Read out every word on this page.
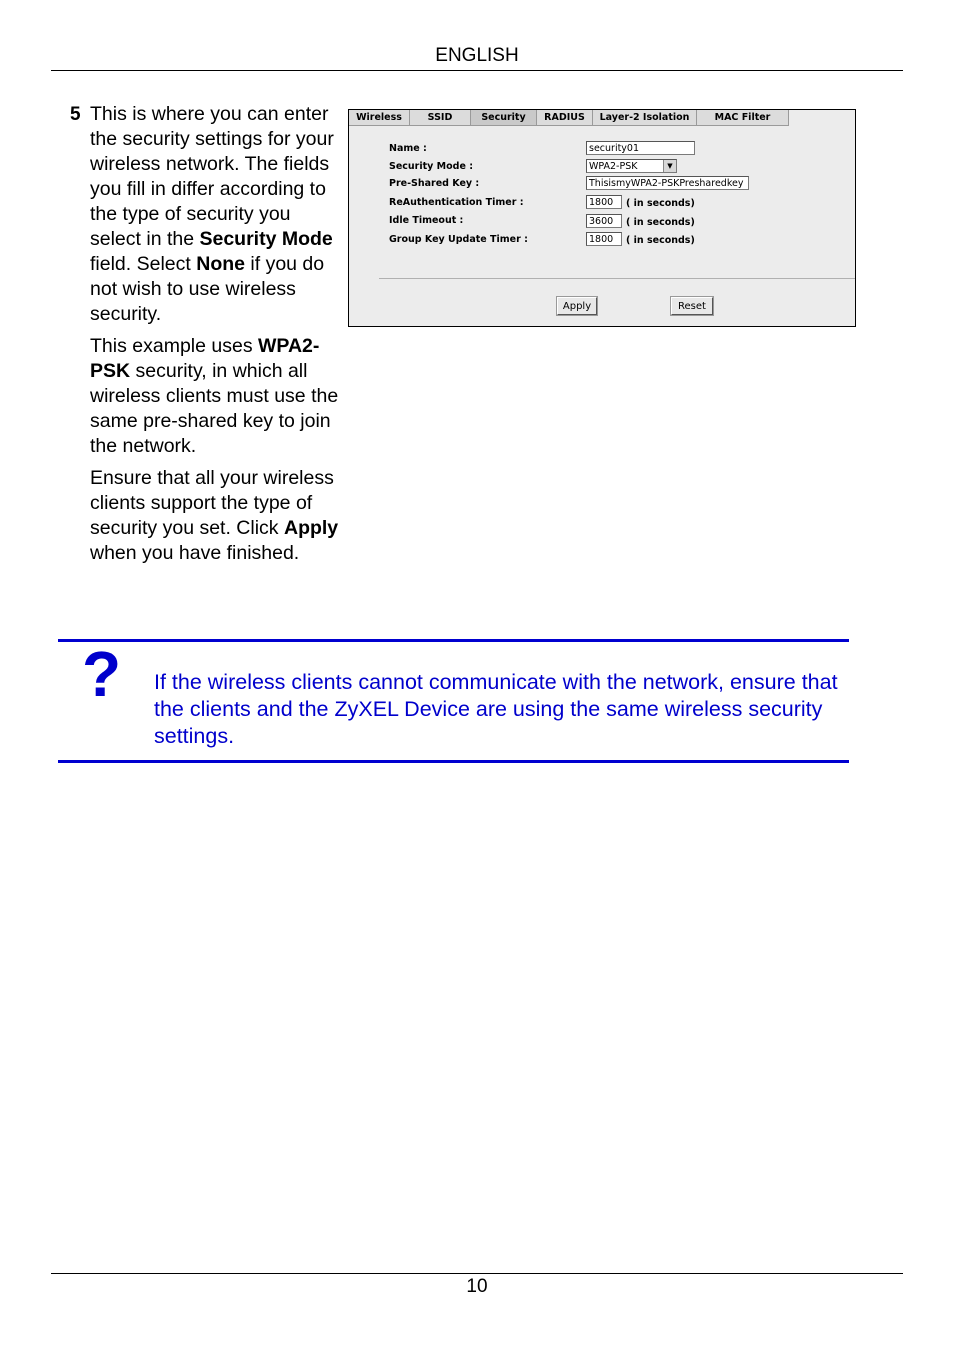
ENGLISH
5 This is where you can enter the security settings for your wireless network. The fields you fill in differ according to the type of security you select in the Security Mode field. Select None if you do not wish to use wireless security.

This example uses WPA2-PSK security, in which all wireless clients must use the same pre-shared key to join the network.

Ensure that all your wireless clients support the type of security you set. Click Apply when you have finished.

Wireless	SSID	Security	RADIUS	Layer-2 Isolation	MAC Filter
Name :	security01
Security Mode :	WPA2-PSK	▼
Pre-Shared Key :	ThisismyWPA2-PSKPresharedkey
ReAuthentication Timer :	1800	( in seconds)
Idle Timeout :	3600	( in seconds)
Group Key Update Timer :	1800	( in seconds)
Apply	Reset
? If the wireless clients cannot communicate with the network, ensure that the clients and the ZyXEL Device are using the same wireless security settings.
10
